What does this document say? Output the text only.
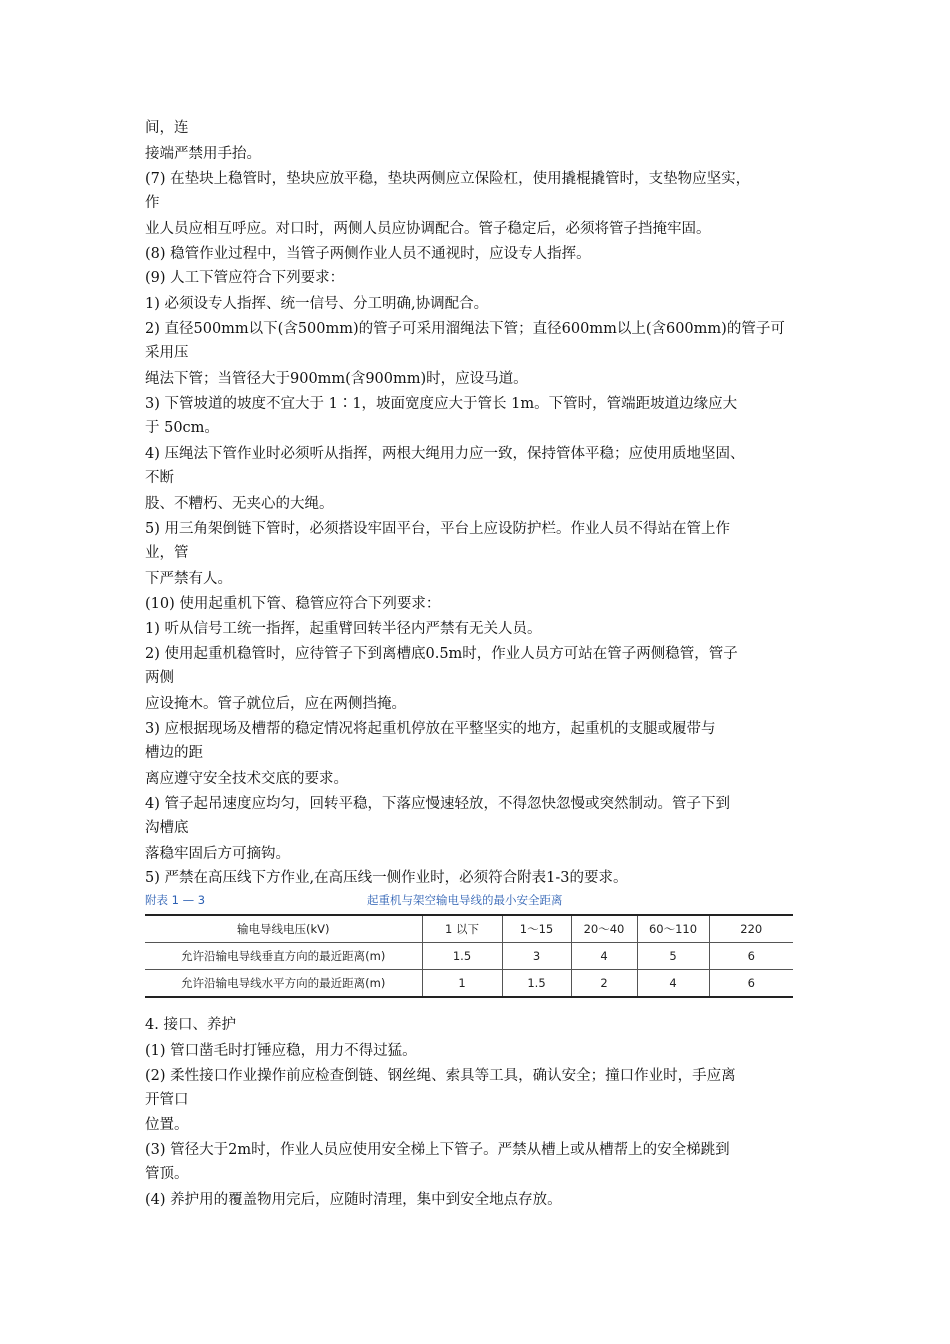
间，连
接端严禁用手抬。
(7) 在垫块上稳管时，垫块应放平稳，垫块两侧应立保险杠，使用撬棍撬管时，支垫物应坚实，
作
业人员应相互呼应。对口时，两侧人员应协调配合。管子稳定后，必须将管子挡掩牢固。
(8) 稳管作业过程中，当管子两侧作业人员不通视时，应设专人指挥。
(9) 人工下管应符合下列要求：
1) 必须设专人指挥、统一信号、分工明确,协调配合。
2) 直径500mm以下(含500mm)的管子可采用溜绳法下管；直径600mm以上(含600mm)的管子可
采用压
绳法下管；当管径大于900mm(含900mm)时，应设马道。
3) 下管坡道的坡度不宜大于 1∶1，坡面宽度应大于管长 1m。下管时，管端距坡道边缘应大
于 50cm。
4) 压绳法下管作业时必须听从指挥，两根大绳用力应一致，保持管体平稳；应使用质地坚固、
不断
股、不糟朽、无夹心的大绳。
5) 用三角架倒链下管时，必须搭设牢固平台，平台上应设防护栏。作业人员不得站在管上作
业，管
下严禁有人。
(10) 使用起重机下管、稳管应符合下列要求：
1) 听从信号工统一指挥，起重臂回转半径内严禁有无关人员。
2) 使用起重机稳管时，应待管子下到离槽底0.5m时，作业人员方可站在管子两侧稳管，管子
两侧
应设掩木。管子就位后，应在两侧挡掩。
3) 应根据现场及槽帮的稳定情况将起重机停放在平整坚实的地方，起重机的支腿或履带与
槽边的距
离应遵守安全技术交底的要求。
4) 管子起吊速度应均匀，回转平稳，下落应慢速轻放，不得忽快忽慢或突然制动。管子下到
沟槽底
落稳牢固后方可摘钩。
5) 严禁在高压线下方作业,在高压线一侧作业时，必须符合附表1-3的要求。
附表 1 — 3	起重机与架空输电导线的最小安全距离
输电导线电压(kV)	1 以下	1～15	20～40	60～110	220
允许沿输电导线垂直方向的最近距离(m)	1.5	3	4	5	6
允许沿输电导线水平方向的最近距离(m)	1	1.5	2	4	6
4. 接口、养护
(1) 管口凿毛时打锤应稳，用力不得过猛。
(2) 柔性接口作业操作前应检查倒链、钢丝绳、索具等工具，确认安全；撞口作业时，手应离
开管口
位置。
(3) 管径大于2m时，作业人员应使用安全梯上下管子。严禁从槽上或从槽帮上的安全梯跳到
管顶。
(4) 养护用的覆盖物用完后，应随时清理，集中到安全地点存放。
